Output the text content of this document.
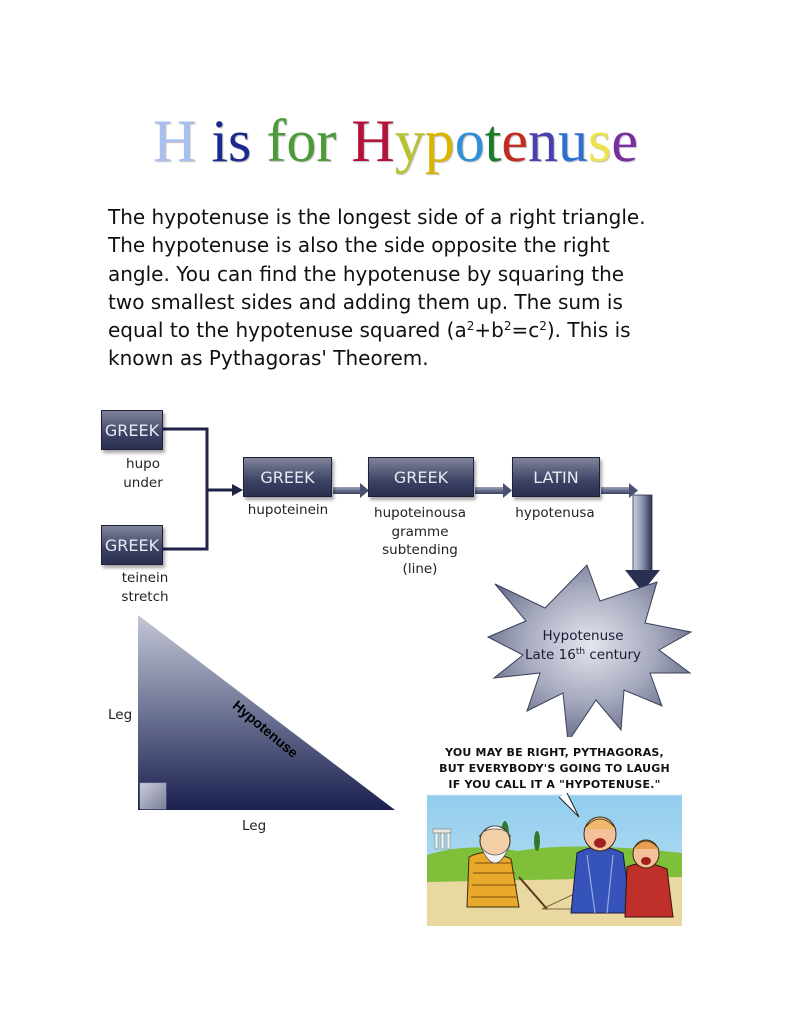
H is for Hypotenuse
The hypotenuse is the longest side of a right triangle.
The hypotenuse is also the side opposite the right
angle. You can find the hypotenuse by squaring the
two smallest sides and adding them up. The sum is
equal to the hypotenuse squared $(a^2+b^2=c^2)$. This is
known as Pythagoras' Theorem.
GREEK
hupo
under
GREEK
teinein
stretch
GREEK
hupoteinein
GREEK
hupoteinousa
gramme
subtending
(line)
LATIN
hypotenusa
Hypotenuse
Late 16th century
Leg
Leg
Hypotenuse	YOU MAY BE RIGHT, PYTHAGORAS,
BUT EVERYBODY'S GOING TO LAUGH
IF YOU CALL IT A "HYPOTENUSE."
